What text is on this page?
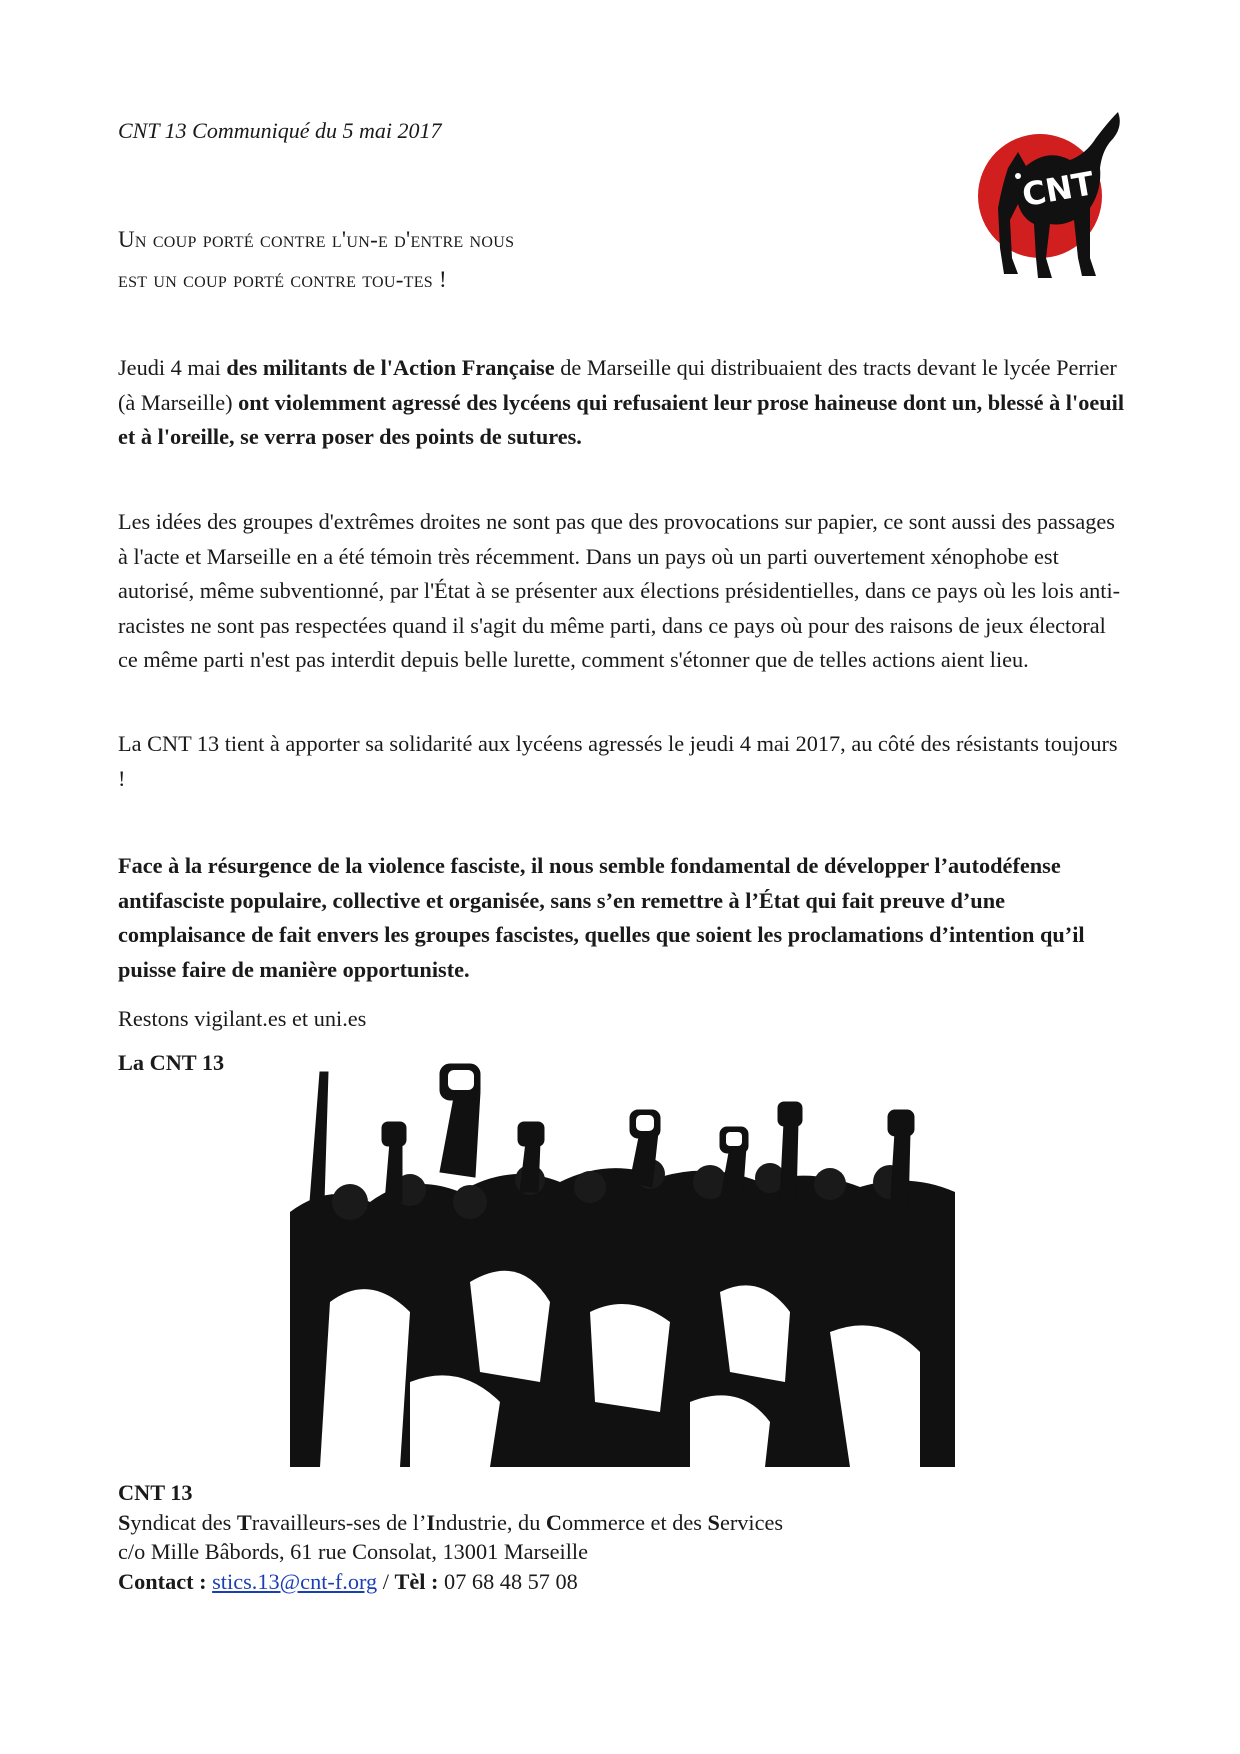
CNT 13 Communiqué du 5 mai 2017
CNT
Un coup porté contre l'un-e d'entre nous
est un coup porté contre tou-tes !
Jeudi 4 mai des militants de l'Action Française de Marseille qui distribuaient des tracts devant le lycée Perrier (à Marseille) ont violemment agressé des lycéens qui refusaient leur prose haineuse dont un, blessé à l'oeuil et à l'oreille, se verra poser des points de sutures.
Les idées des groupes d'extrêmes droites ne sont pas que des provocations sur papier, ce sont aussi des passages à l'acte et Marseille en a été témoin très récemment. Dans un pays où un parti ouvertement xénophobe est autorisé, même subventionné, par l'État à se présenter aux élections présidentielles, dans ce pays où les lois anti-racistes ne sont pas respectées quand il s'agit du même parti, dans ce pays où pour des raisons de jeux électoral ce même parti n'est pas interdit depuis belle lurette, comment s'étonner que de telles actions aient lieu.
La CNT 13 tient à apporter sa solidarité aux lycéens agressés le jeudi 4 mai 2017, au côté des résistants toujours !
Face à la résurgence de la violence fasciste, il nous semble fondamental de développer l’autodéfense antifasciste populaire, collective et organisée, sans s’en remettre à l’État qui fait preuve d’une complaisance de fait envers les groupes fascistes, quelles que soient les proclamations d’intention qu’il puisse faire de manière opportuniste.
Restons vigilant.es et uni.es
La CNT 13
CNT 13
Syndicat des Travailleurs-ses de l’Industrie, du Commerce et des Services
c/o Mille Bâbords, 61 rue Consolat, 13001 Marseille
Contact : stics.13@cnt-f.org / Tèl : 07 68 48 57 08
